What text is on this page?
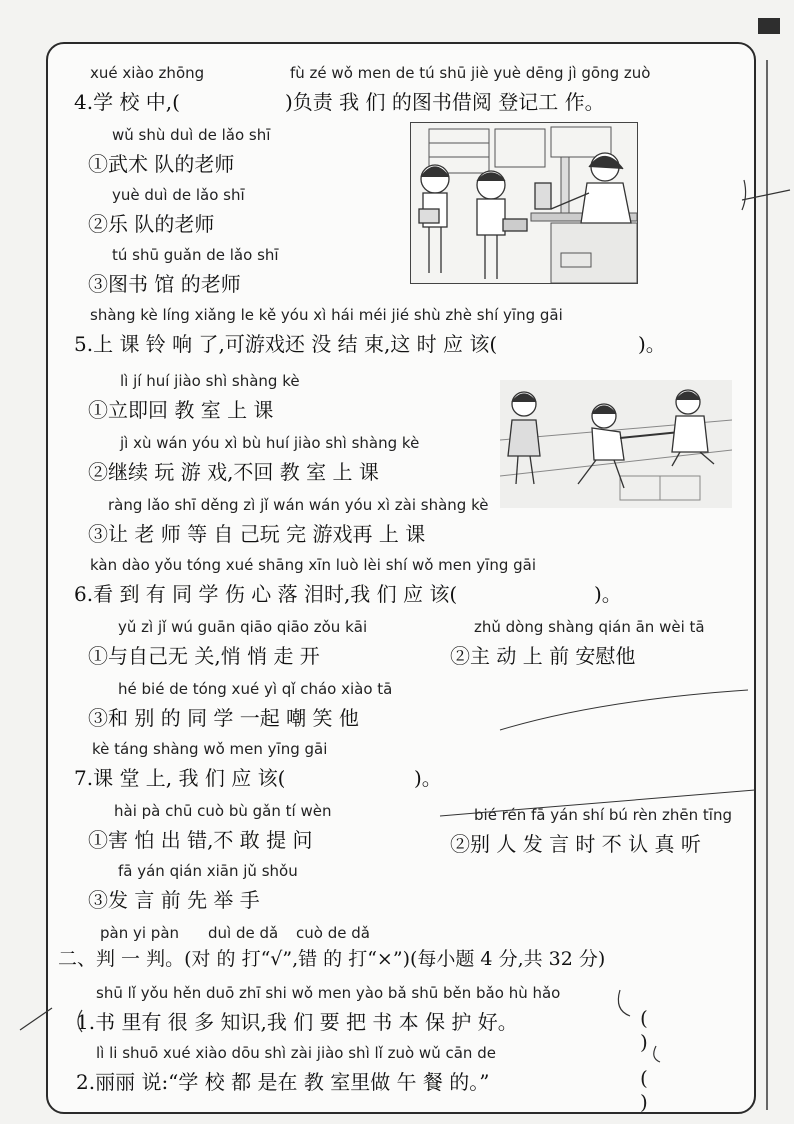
xué xiào zhōng	fù zé wǒ men de tú shū jiè yuè dēng jì gōng zuò
4.学 校 中,(	)负责 我 们 的图书借阅 登记工 作。
wǔ shù duì de lǎo shī
①武术 队的老师
yuè duì de lǎo shī
②乐 队的老师
tú shū guǎn de lǎo shī
③图书 馆 的老师
shàng kè líng xiǎng le kě yóu xì hái méi jié shù zhè shí yīng gāi
5.上 课 铃 响 了,可游戏还 没 结 束,这 时 应 该(	)。
lì jí huí jiào shì shàng kè
①立即回 教 室 上 课
jì xù wán yóu xì bù huí jiào shì shàng kè
②继续 玩 游 戏,不回 教 室 上 课
ràng lǎo shī děng zì jǐ wán wán yóu xì zài shàng kè
③让 老 师 等 自 己玩 完 游戏再 上 课
kàn dào yǒu tóng xué shāng xīn luò lèi shí wǒ men yīng gāi
6.看 到 有 同 学 伤 心 落 泪时,我 们 应 该(	)。
yǔ zì jǐ wú guān qiāo qiāo zǒu kāi
①与自己无 关,悄 悄 走 开
zhǔ dòng shàng qián ān wèi tā
②主 动 上 前 安慰他
hé bié de tóng xué yì qǐ cháo xiào tā
③和 别 的 同 学 一起 嘲 笑 他
kè táng shàng wǒ men yīng gāi
7.课 堂 上, 我 们 应 该(	)。
hài pà chū cuò bù gǎn tí wèn
①害 怕 出 错,不 敢 提 问
bié rén fā yán shí bú rèn zhēn tīng
②别 人 发 言 时 不 认 真 听
fā yán qián xiān jǔ shǒu
③发 言 前 先 举 手
pàn yi pàn duì de dǎ cuò de dǎ
二、判 一 判。(对 的 打“√”,错 的 打“×”)(每小题 4 分,共 32 分)
shū lǐ yǒu hěn duō zhī shi wǒ men yào bǎ shū běn bǎo hù hǎo
1.书 里有 很 多 知识,我 们 要 把 书 本 保 护 好。	( )
lì li shuō xué xiào dōu shì zài jiào shì lǐ zuò wǔ cān de
2.丽丽 说:“学 校 都 是在 教 室里做 午 餐 的。”	( )
